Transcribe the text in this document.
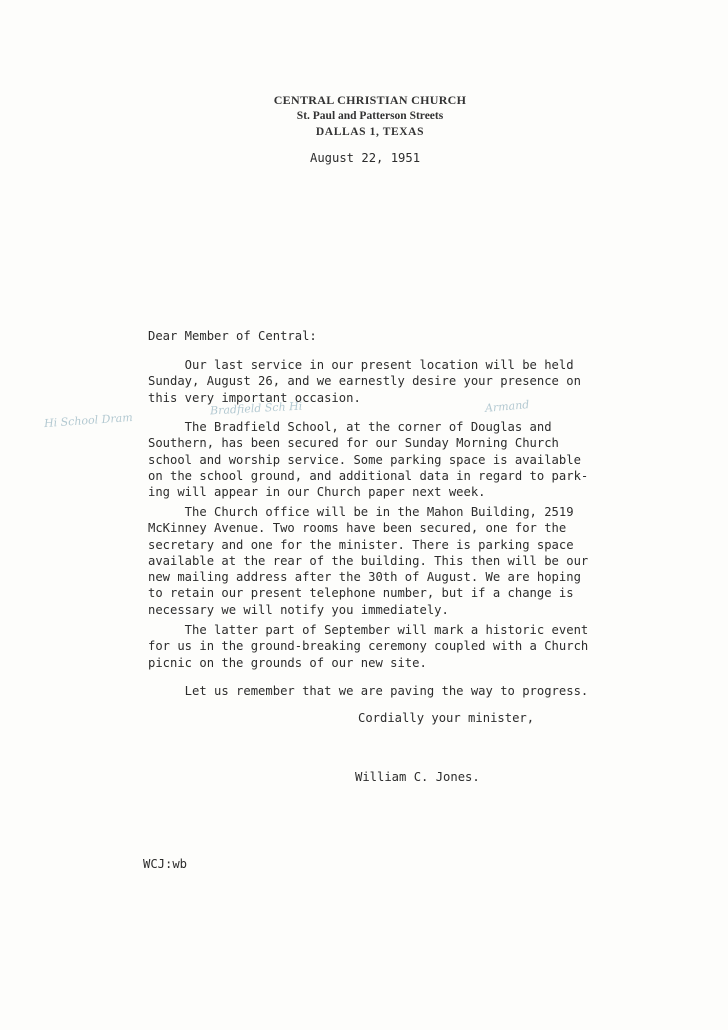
CENTRAL CHRISTIAN CHURCH
St. Paul and Patterson Streets
DALLAS 1, TEXAS

August 22, 1951

Dear Member of Central:

Hi School Dram
Bradfield Sch Hi	Armand

Our last service in our present location will be held
Sunday, August 26, and we earnestly desire your presence on
this very important occasion.

The Bradfield School, at the corner of Douglas and
Southern, has been secured for our Sunday Morning Church
school and worship service. Some parking space is available
on the school ground, and additional data in regard to park-
ing will appear in our Church paper next week.

The Church office will be in the Mahon Building, 2519
McKinney Avenue. Two rooms have been secured, one for the
secretary and one for the minister. There is parking space
available at the rear of the building. This then will be our
new mailing address after the 30th of August. We are hoping
to retain our present telephone number, but if a change is
necessary we will notify you immediately.

The latter part of September will mark a historic event
for us in the ground-breaking ceremony coupled with a Church
picnic on the grounds of our new site.

Let us remember that we are paving the way to progress.

Cordially your minister,

William C. Jones.

WCJ:wb
